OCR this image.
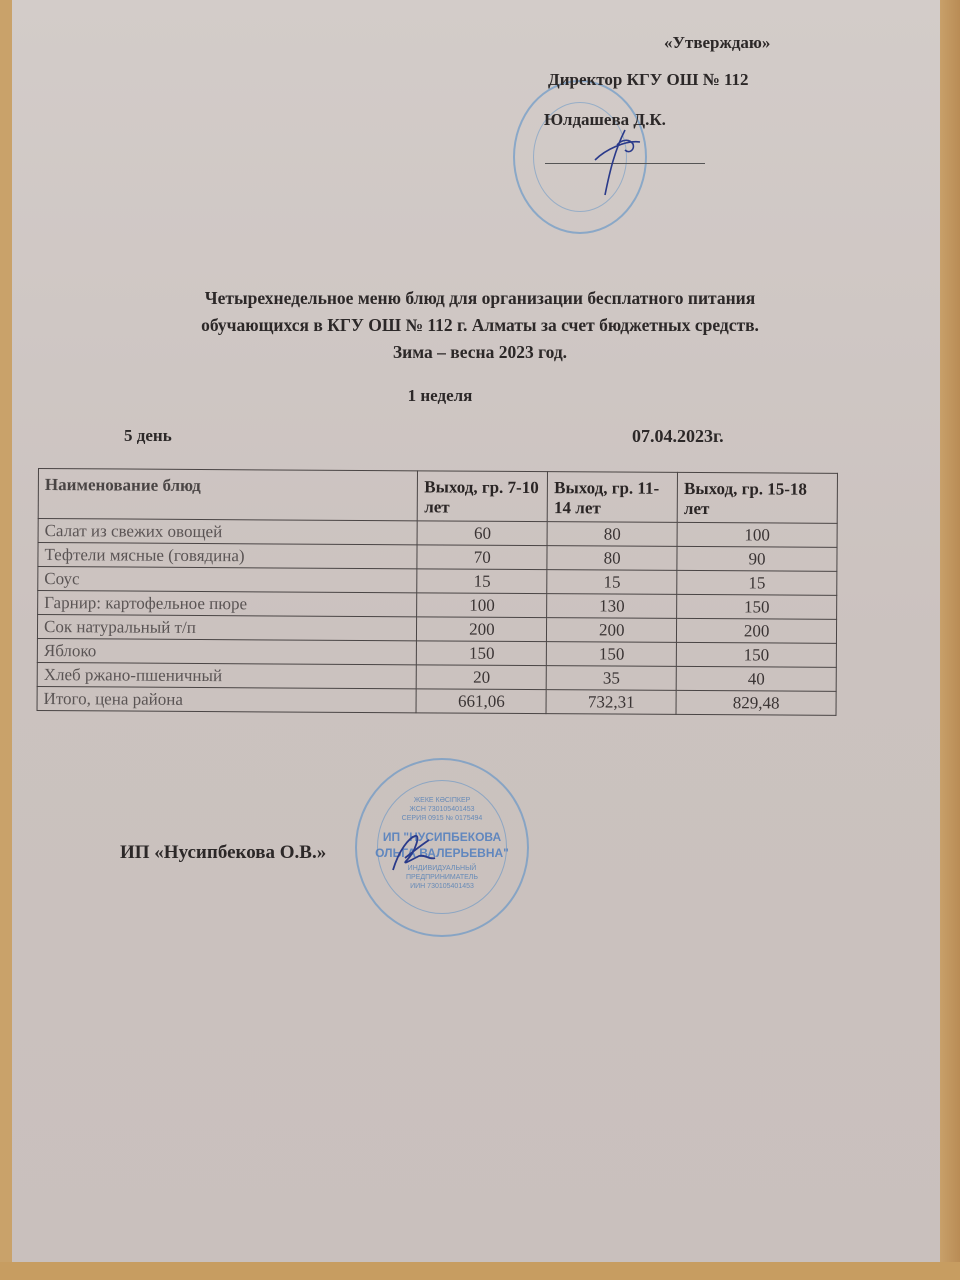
«Утверждаю»
Директор КГУ ОШ № 112
Юлдашева Д.К.
Четырехнедельное меню блюд для организации бесплатного питания
обучающихся в КГУ ОШ № 112 г. Алматы за счет бюджетных средств.
Зима – весна 2023 год.
1 неделя
5 день	07.04.2023г.
Наименование блюд	Выход, гр. 7-10 лет	Выход, гр. 11-14 лет	Выход, гр. 15-18 лет
Салат из свежих овощей	60	80	100
Тефтели мясные (говядина)	70	80	90
Соус	15	15	15
Гарнир: картофельное пюре	100	130	150
Сок натуральный т/п	200	200	200
Яблоко	150	150	150
Хлеб ржано-пшеничный	20	35	40
Итого, цена района	661,06	732,31	829,48
ИП «Нусипбекова О.В.»
ЖЕКЕ КӘСІПКЕР
ЖСН 730105401453
СЕРИЯ 0915 № 0175494
ИП "НУСИПБЕКОВА
ОЛЬГА ВАЛЕРЬЕВНА"
ИНДИВИДУАЛЬНЫЙ
ПРЕДПРИНИМАТЕЛЬ
ИИН 730105401453
